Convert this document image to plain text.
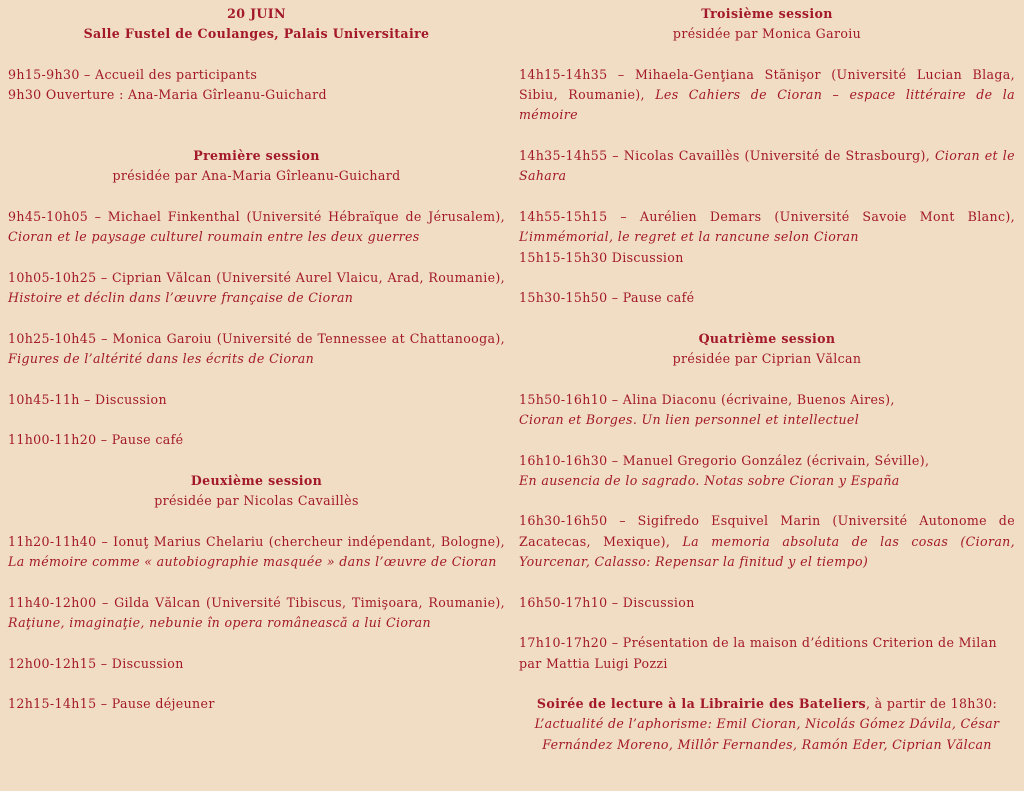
20 JUIN
Salle Fustel de Coulanges, Palais Universitaire
9h15-9h30 – Accueil des participants
9h30 Ouverture : Ana-Maria Gîrleanu-Guichard
Première session
présidée par Ana-Maria Gîrleanu-Guichard
9h45-10h05 – Michael Finkenthal (Université Hébraïque de Jérusalem), Cioran et le paysage culturel roumain entre les deux guerres
10h05-10h25 – Ciprian Vălcan (Université Aurel Vlaicu, Arad, Roumanie), Histoire et déclin dans l’œuvre française de Cioran
10h25-10h45 – Monica Garoiu (Université de Tennessee at Chattanooga), Figures de l’altérité dans les écrits de Cioran
10h45-11h – Discussion
11h00-11h20 – Pause café
Deuxième session
présidée par Nicolas Cavaillès
11h20-11h40 – Ionuţ Marius Chelariu (chercheur indépendant, Bologne), La mémoire comme « autobiographie masquée » dans l’œuvre de Cioran
11h40-12h00 – Gilda Vălcan (Université Tibiscus, Timişoara, Roumanie), Raţiune, imaginaţie, nebunie în opera românească a lui Cioran
12h00-12h15 – Discussion
12h15-14h15 – Pause déjeuner
Troisième session
présidée par Monica Garoiu
14h15-14h35 – Mihaela-Genţiana Stănişor (Université Lucian Blaga, Sibiu, Roumanie), Les Cahiers de Cioran – espace littéraire de la mémoire
14h35-14h55 – Nicolas Cavaillès (Université de Strasbourg), Cioran et le Sahara
14h55-15h15 – Aurélien Demars (Université Savoie Mont Blanc), L’immémorial, le regret et la rancune selon Cioran
15h15-15h30 Discussion
15h30-15h50 – Pause café
Quatrième session
présidée par Ciprian Vălcan
15h50-16h10 – Alina Diaconu (écrivaine, Buenos Aires),
Cioran et Borges. Un lien personnel et intellectuel
16h10-16h30 – Manuel Gregorio González (écrivain, Séville),
En ausencia de lo sagrado. Notas sobre Cioran y España
16h30-16h50 – Sigifredo Esquivel Marin (Université Autonome de Zacatecas, Mexique), La memoria absoluta de las cosas (Cioran, Yourcenar, Calasso: Repensar la finitud y el tiempo)
16h50-17h10 – Discussion
17h10-17h20 – Présentation de la maison d’éditions Criterion de Milan par Mattia Luigi Pozzi
Soirée de lecture à la Librairie des Bateliers, à partir de 18h30:
L’actualité de l’aphorisme: Emil Cioran, Nicolás Gómez Dávila, César Fernández Moreno, Millôr Fernandes, Ramón Eder, Ciprian Vălcan
